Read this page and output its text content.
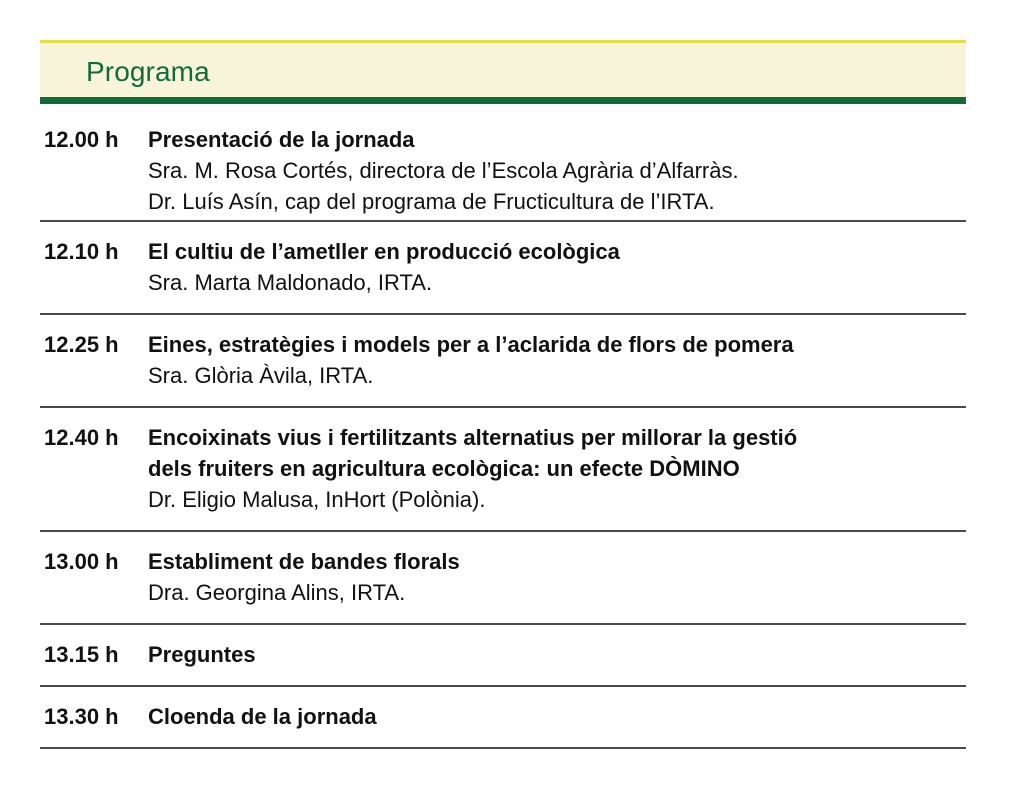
Programa
12.00 h	Presentació de la jornada
Sra. M. Rosa Cortés, directora de l’Escola Agrària d’Alfarràs.
Dr. Luís Asín, cap del programa de Fructicultura de l’IRTA.
12.10 h	El cultiu de l’ametller en producció ecològica
Sra. Marta Maldonado, IRTA.
12.25 h	Eines, estratègies i models per a l’aclarida de flors de pomera
Sra. Glòria Àvila, IRTA.
12.40 h	Encoixinats vius i fertilitzants alternatius per millorar la gestió
dels fruiters en agricultura ecològica: un efecte DÒMINO
Dr. Eligio Malusa, InHort (Polònia).
13.00 h	Establiment de bandes florals
Dra. Georgina Alins, IRTA.
13.15 h	Preguntes
13.30 h	Cloenda de la jornada
